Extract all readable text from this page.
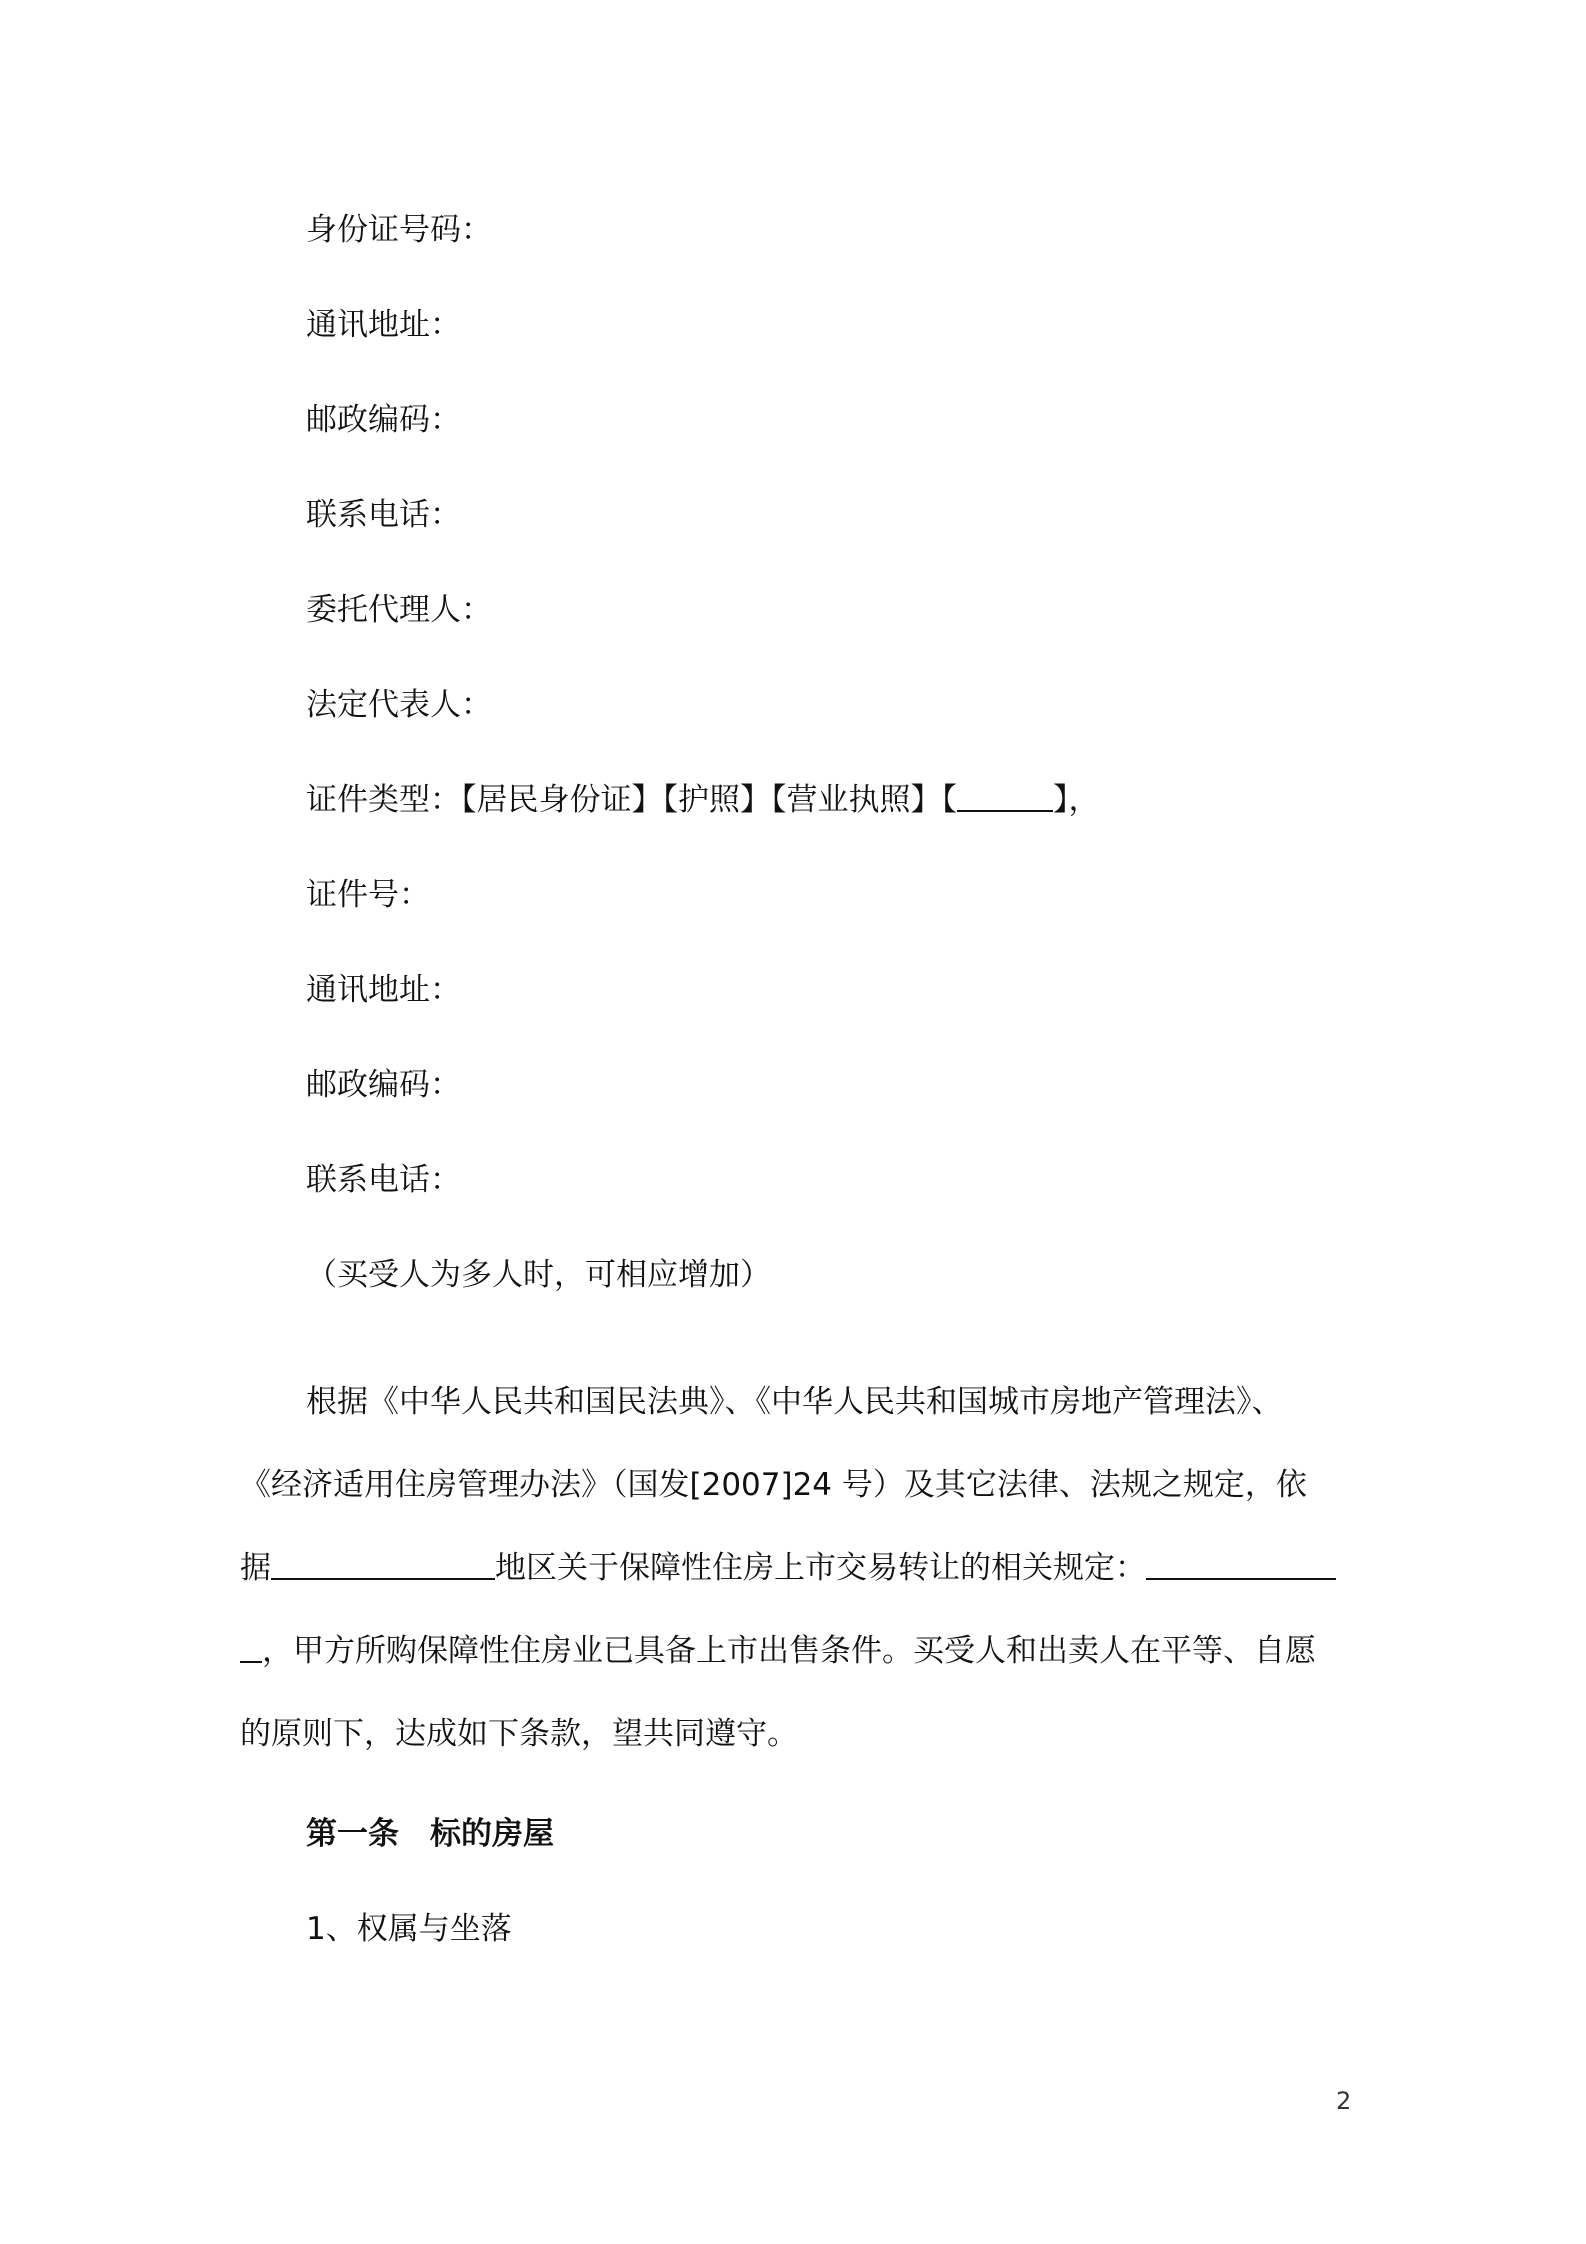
身份证号码：
通讯地址：
邮政编码：
联系电话：
委托代理人：
法定代表人：
证件类型：【居民身份证】【护照】【营业执照】【	】，
证件号：
通讯地址：
邮政编码：
联系电话：
（买受人为多人时，可相应增加）
根据《中华人民共和国民法典》、《中华人民共和国城市房地产管理法》、
《经济适用住房管理办法》（国发[2007]24 号）及其它法律、法规之规定，依
据	地区关于保障性住房上市交易转让的相关规定：
，甲方所购保障性住房业已具备上市出售条件。买受人和出卖人在平等、自愿
的原则下，达成如下条款，望共同遵守。
第一条　标的房屋
1、权属与坐落
2
